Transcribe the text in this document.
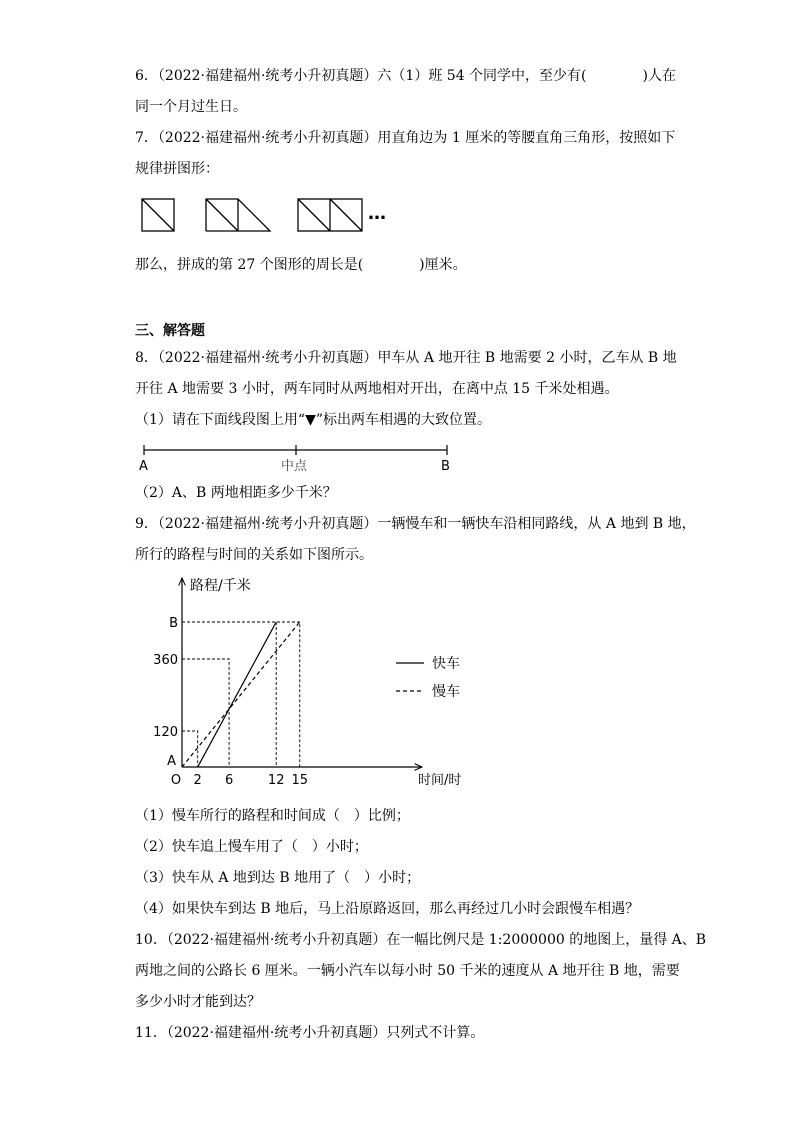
6．（2022·福建福州·统考小升初真题）六（1）班 54 个同学中，至少有(　　　　)人在
同一个月过生日。
7．（2022·福建福州·统考小升初真题）用直角边为 1 厘米的等腰直角三角形，按照如下
规律拼图形：
…
那么，拼成的第 27 个图形的周长是(　　　　)厘米。
三、解答题
8．（2022·福建福州·统考小升初真题）甲车从 A 地开往 B 地需要 2 小时，乙车从 B 地
开往 A 地需要 3 小时，两车同时从两地相对开出，在离中点 15 千米处相遇。
（1）请在下面线段图上用“▼”标出两车相遇的大致位置。
A	中点	B
（2）A、B 两地相距多少千米？
9．（2022·福建福州·统考小升初真题）一辆慢车和一辆快车沿相同路线，从 A 地到 B 地，
所行的路程与时间的关系如下图所示。
路程/千米
时间/时
O
A
2 6	12 15
120
360
B
快车
慢车
（1）慢车所行的路程和时间成（　）比例；
（2）快车追上慢车用了（　）小时；
（3）快车从 A 地到达 B 地用了（　）小时；
（4）如果快车到达 B 地后，马上沿原路返回，那么再经过几小时会跟慢车相遇？
10．（2022·福建福州·统考小升初真题）在一幅比例尺是 1:2000000 的地图上，量得 A、B
两地之间的公路长 6 厘米。一辆小汽车以每小时 50 千米的速度从 A 地开往 B 地，需要
多少小时才能到达？
11．（2022·福建福州·统考小升初真题）只列式不计算。
